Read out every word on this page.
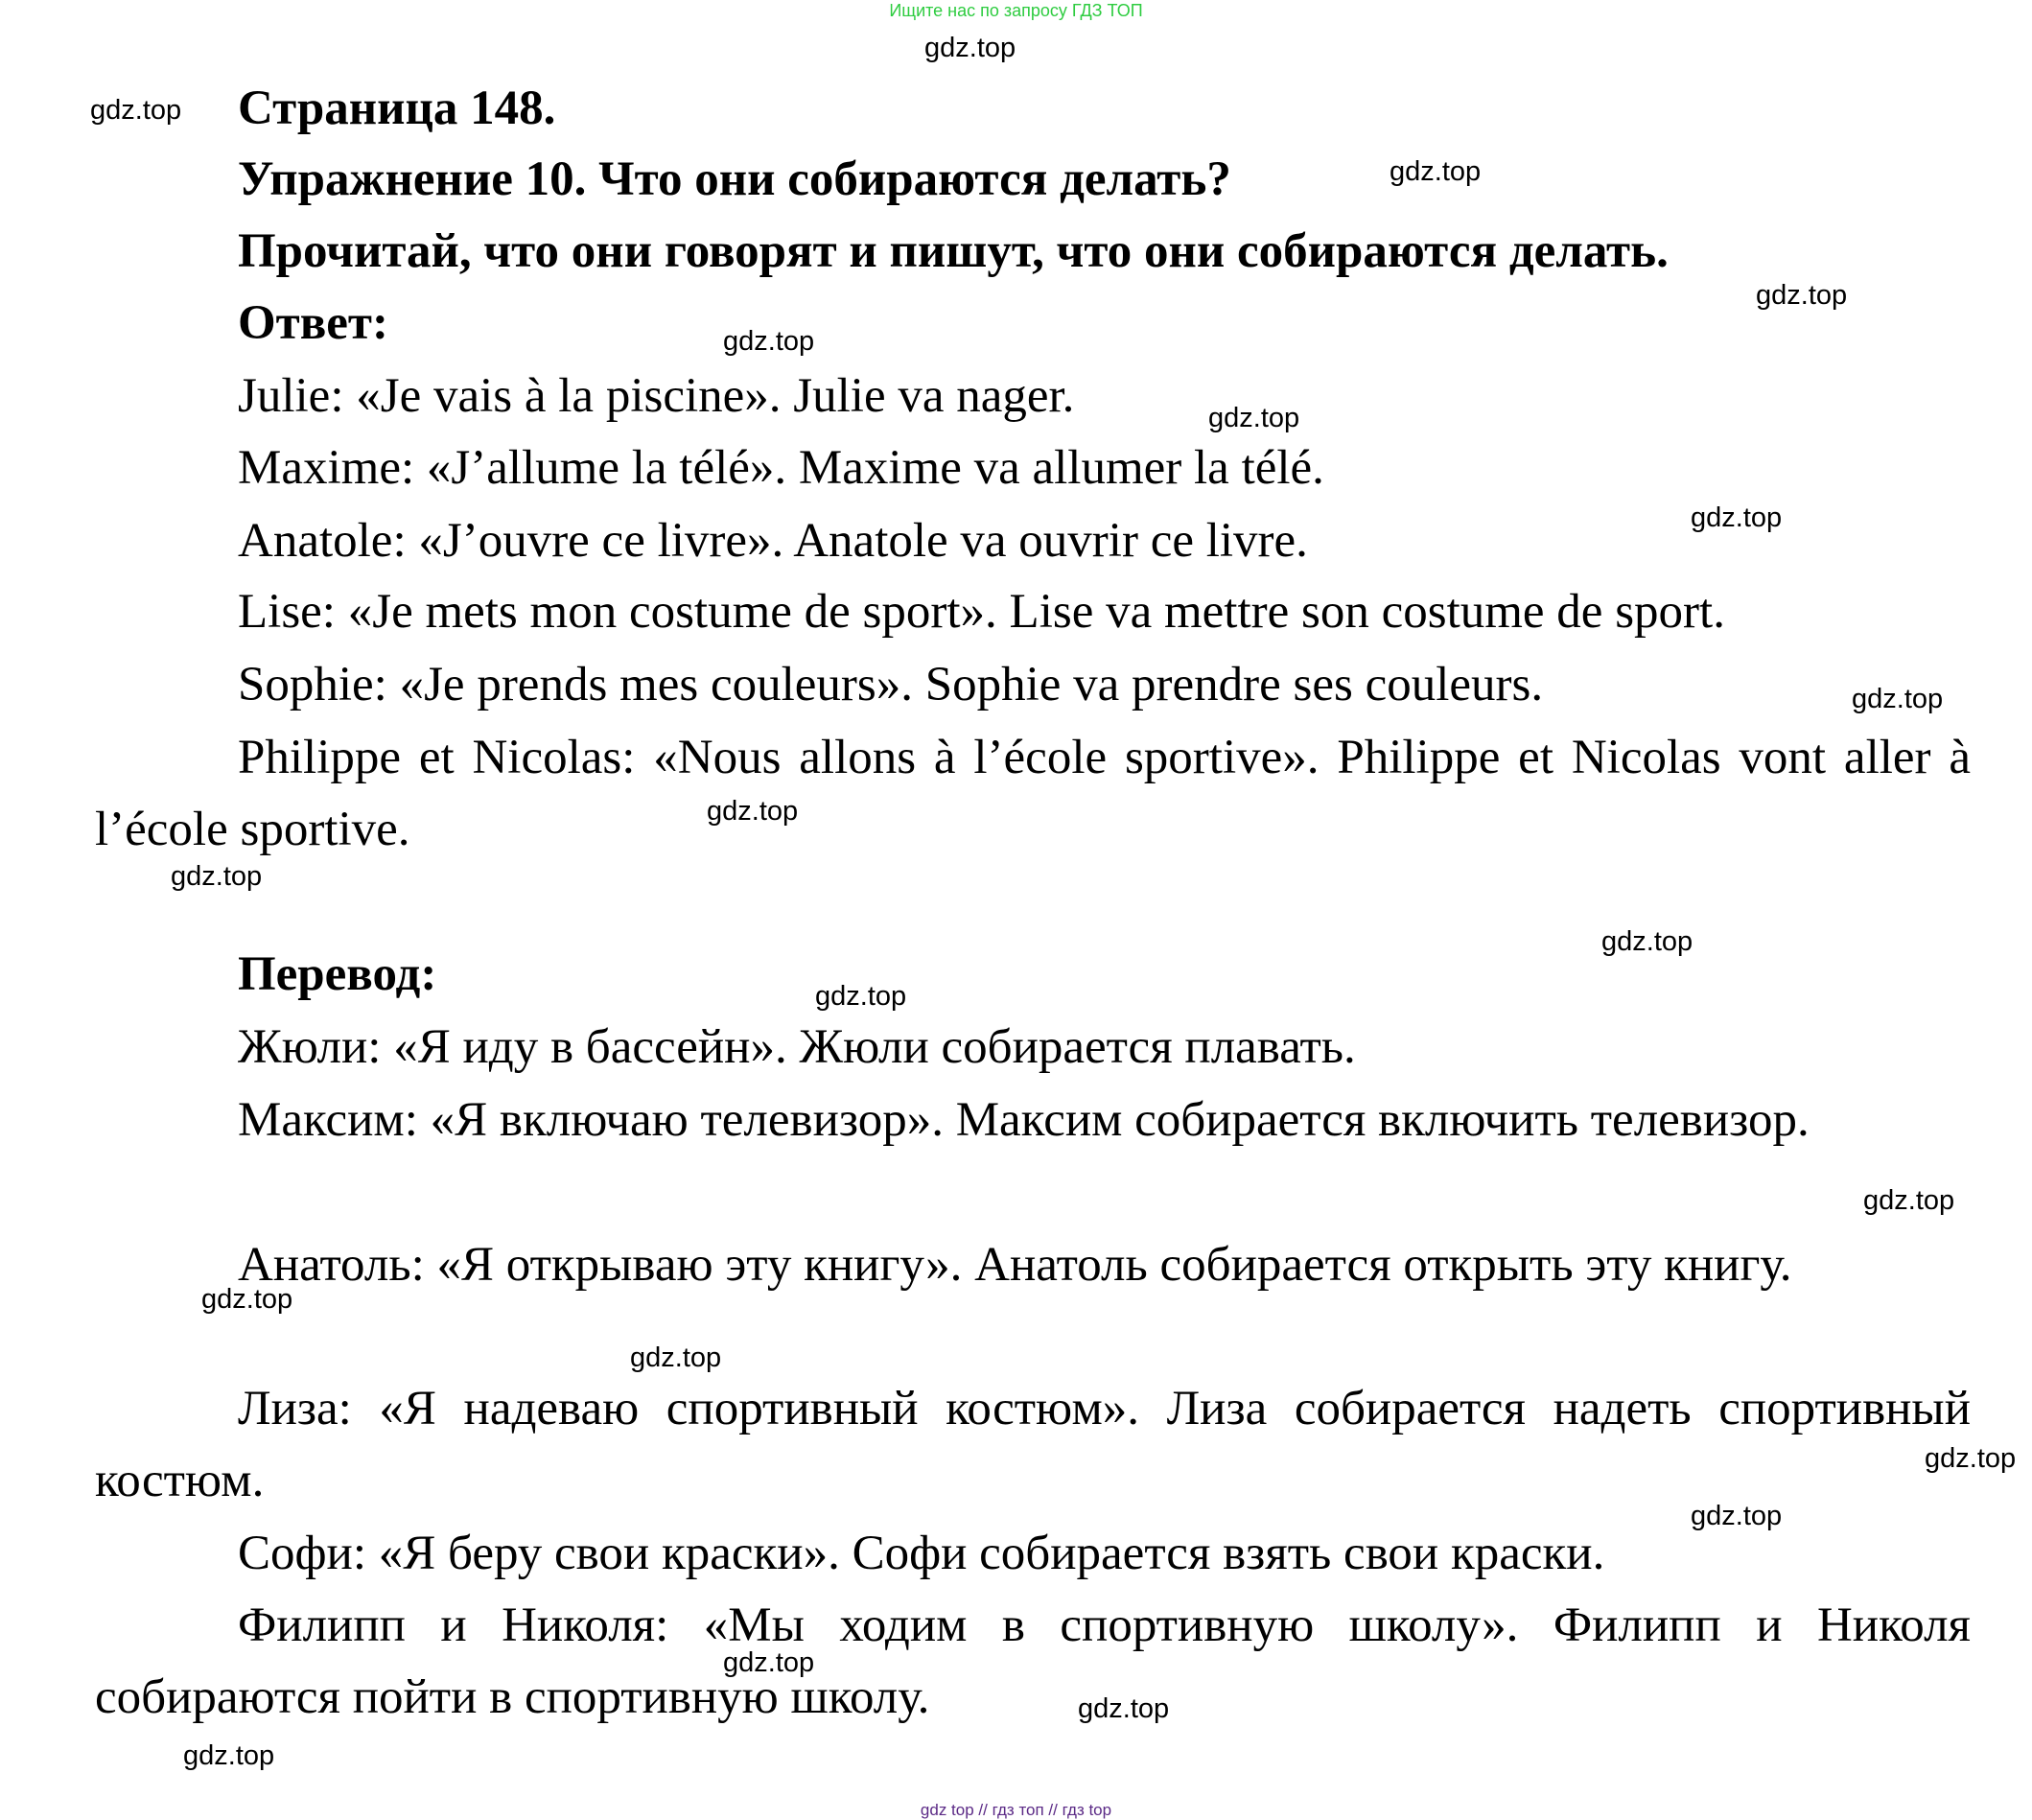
Ищите нас по запросу ГДЗ ТОП
Страница 148.
Упражнение 10. Что они собираются делать?
Прочитай, что они говорят и пишут, что они собираются делать.
Ответ:
Julie: «Je vais à la piscine». Julie va nager.
Maxime: «J’allume la télé». Maxime va allumer la télé.
Anatole: «J’ouvre ce livre». Anatole va ouvrir ce livre.
Lise: «Je mets mon costume de sport». Lise va mettre son costume de sport.
Sophie: «Je prends mes couleurs». Sophie va prendre ses couleurs.
Philippe et Nicolas: «Nous allons à l’école sportive». Philippe et Nicolas vont aller à l’école sportive.
Перевод:
Жюли: «Я иду в бассейн». Жюли собирается плавать.
Максим: «Я включаю телевизор». Максим собирается включить телевизор.
Анатоль: «Я открываю эту книгу». Анатоль собирается открыть эту книгу.
Лиза: «Я надеваю спортивный костюм». Лиза собирается надеть спортивный костюм.
Софи: «Я беру свои краски». Софи собирается взять свои краски.
Филипп и Николя: «Мы ходим в спортивную школу». Филипп и Николя собираются пойти в спортивную школу.
gdz.top
gdz.top
gdz.top
gdz.top
gdz.top
gdz.top
gdz.top
gdz.top
gdz.top
gdz.top
gdz.top
gdz.top
gdz.top
gdz.top
gdz.top
gdz.top
gdz.top
gdz.top
gdz.top
gdz.top
gdz top // гдз топ // гдз top
